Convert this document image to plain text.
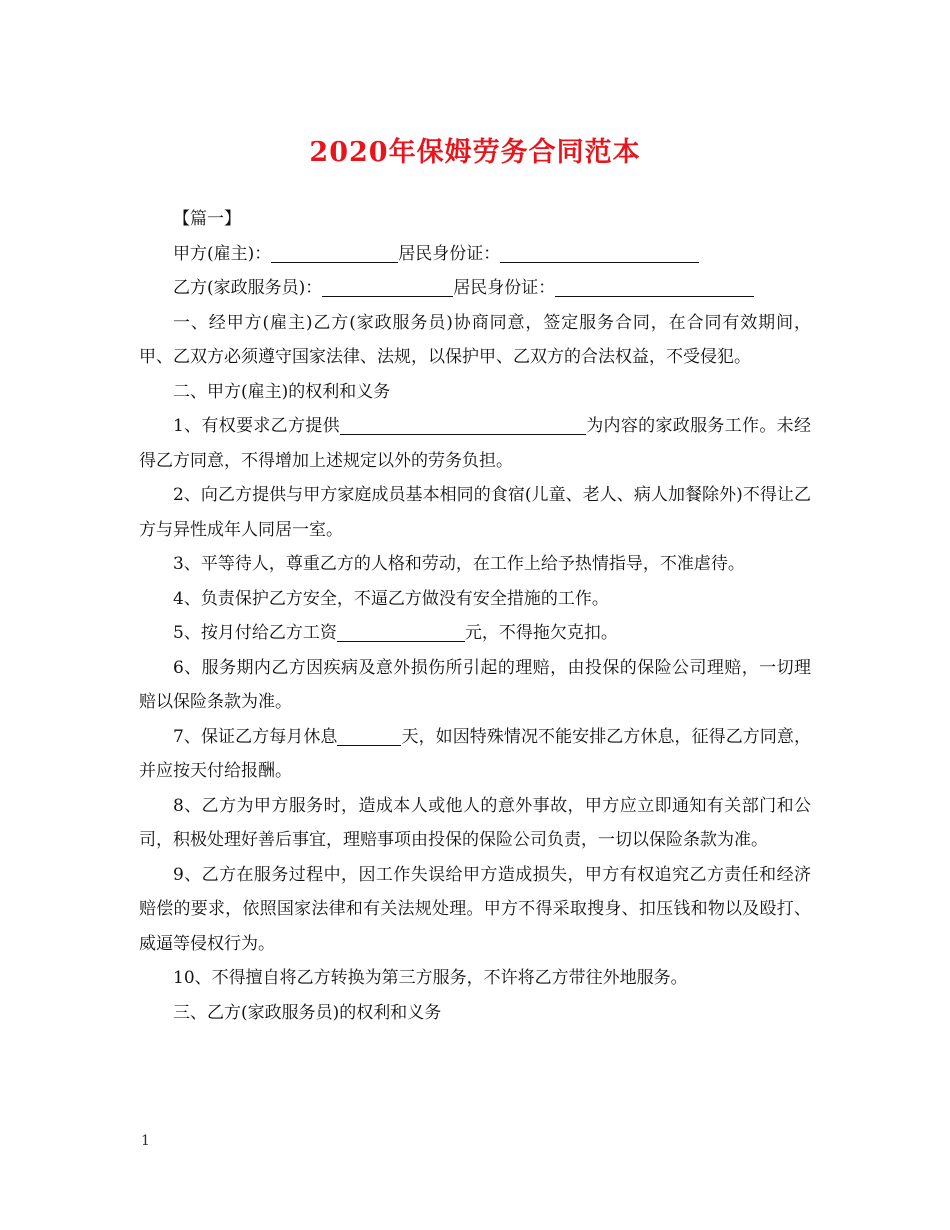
2020年保姆劳务合同范本

【篇一】

甲方(雇主)：	居民身份证：

乙方(家政服务员)：	居民身份证：

一、经甲方(雇主)乙方(家政服务员)协商同意，签定服务合同，在合同有效期间，甲、乙双方必须遵守国家法律、法规，以保护甲、乙双方的合法权益，不受侵犯。

二、甲方(雇主)的权利和义务

1、有权要求乙方提供	为内容的家政服务工作。未经得乙方同意，不得增加上述规定以外的劳务负担。

2、向乙方提供与甲方家庭成员基本相同的食宿(儿童、老人、病人加餐除外)不得让乙方与异性成年人同居一室。

3、平等待人，尊重乙方的人格和劳动，在工作上给予热情指导，不准虐待。

4、负责保护乙方安全，不逼乙方做没有安全措施的工作。

5、按月付给乙方工资	元，不得拖欠克扣。

6、服务期内乙方因疾病及意外损伤所引起的理赔，由投保的保险公司理赔，一切理赔以保险条款为准。

7、保证乙方每月休息	天，如因特殊情况不能安排乙方休息，征得乙方同意，并应按天付给报酬。

8、乙方为甲方服务时，造成本人或他人的意外事故，甲方应立即通知有关部门和公司，积极处理好善后事宜，理赔事项由投保的保险公司负责，一切以保险条款为准。

9、乙方在服务过程中，因工作失误给甲方造成损失，甲方有权追究乙方责任和经济赔偿的要求，依照国家法律和有关法规处理。甲方不得采取搜身、扣压钱和物以及殴打、威逼等侵权行为。

10、不得擅自将乙方转换为第三方服务，不许将乙方带往外地服务。

三、乙方(家政服务员)的权利和义务

1
